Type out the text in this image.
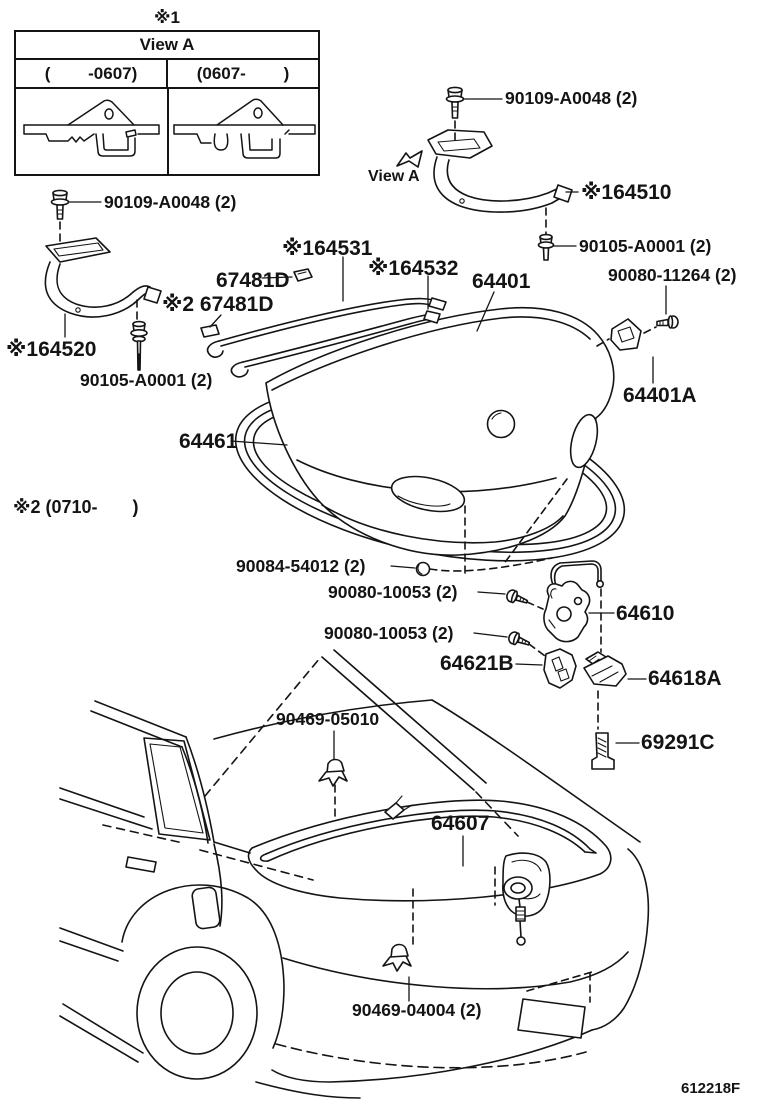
90109-A0048 (2)
※164510
90105-A0001 (2)
90109-A0048 (2)
※164531
67481D
※164532
※2 67481D
64401	90080-11264 (2)
※164520
90105-A0001 (2)
64401A
64461
※2 (0710-       )
90084-54012 (2)
90080-10053 (2)
90080-10053 (2)
64610
64621B
64618A
69291C
90469-05010
64607
90469-04004 (2)
612218F
View A
※1
View A
(        -0607)	(0607-        )
